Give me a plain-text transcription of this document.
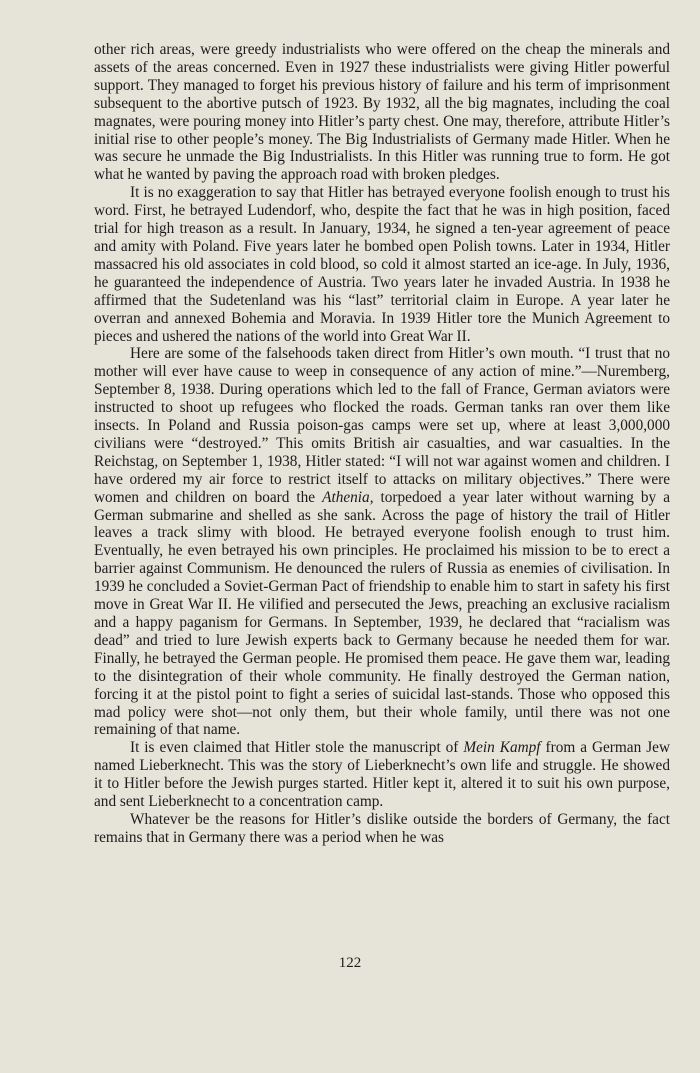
other rich areas, were greedy industrialists who were offered on the cheap the minerals and assets of the areas concerned. Even in 1927 these industrialists were giving Hitler powerful support. They managed to forget his previous history of failure and his term of imprisonment subsequent to the abortive putsch of 1923. By 1932, all the big magnates, including the coal magnates, were pouring money into Hitler’s party chest. One may, therefore, attribute Hitler’s initial rise to other people’s money. The Big Industrialists of Germany made Hitler. When he was secure he unmade the Big Industrialists. In this Hitler was running true to form. He got what he wanted by paving the approach road with broken pledges.

It is no exaggeration to say that Hitler has betrayed everyone foolish enough to trust his word. First, he betrayed Ludendorf, who, despite the fact that he was in high position, faced trial for high treason as a result. In January, 1934, he signed a ten-year agreement of peace and amity with Poland. Five years later he bombed open Polish towns. Later in 1934, Hitler massacred his old associates in cold blood, so cold it almost started an ice-age. In July, 1936, he guaranteed the independence of Austria. Two years later he invaded Austria. In 1938 he affirmed that the Sudetenland was his “last” territorial claim in Europe. A year later he overran and annexed Bohemia and Moravia. In 1939 Hitler tore the Munich Agreement to pieces and ushered the nations of the world into Great War II.

Here are some of the falsehoods taken direct from Hitler’s own mouth. “I trust that no mother will ever have cause to weep in consequence of any action of mine.”—Nuremberg, September 8, 1938. During operations which led to the fall of France, German aviators were instructed to shoot up refugees who flocked the roads. German tanks ran over them like insects. In Poland and Russia poison-gas camps were set up, where at least 3,000,000 civilians were “destroyed.” This omits British air casualties, and war casualties. In the Reichstag, on September 1, 1938, Hitler stated: “I will not war against women and children. I have ordered my air force to restrict itself to attacks on military objectives.” There were women and children on board the Athenia, torpedoed a year later without warning by a German submarine and shelled as she sank. Across the page of history the trail of Hitler leaves a track slimy with blood. He betrayed everyone foolish enough to trust him. Eventually, he even betrayed his own principles. He proclaimed his mission to be to erect a barrier against Communism. He denounced the rulers of Russia as enemies of civilisation. In 1939 he concluded a Soviet-German Pact of friendship to enable him to start in safety his first move in Great War II. He vilified and persecuted the Jews, preaching an exclusive racialism and a happy paganism for Germans. In September, 1939, he declared that “racialism was dead” and tried to lure Jewish experts back to Germany because he needed them for war. Finally, he betrayed the German people. He promised them peace. He gave them war, leading to the disintegration of their whole community. He finally destroyed the German nation, forcing it at the pistol point to fight a series of suicidal last-stands. Those who opposed this mad policy were shot—not only them, but their whole family, until there was not one remaining of that name.

It is even claimed that Hitler stole the manuscript of Mein Kampf from a German Jew named Lieberknecht. This was the story of Lieberknecht’s own life and struggle. He showed it to Hitler before the Jewish purges started. Hitler kept it, altered it to suit his own purpose, and sent Lieberknecht to a concentration camp.

Whatever be the reasons for Hitler’s dislike outside the borders of Germany, the fact remains that in Germany there was a period when he was

122
